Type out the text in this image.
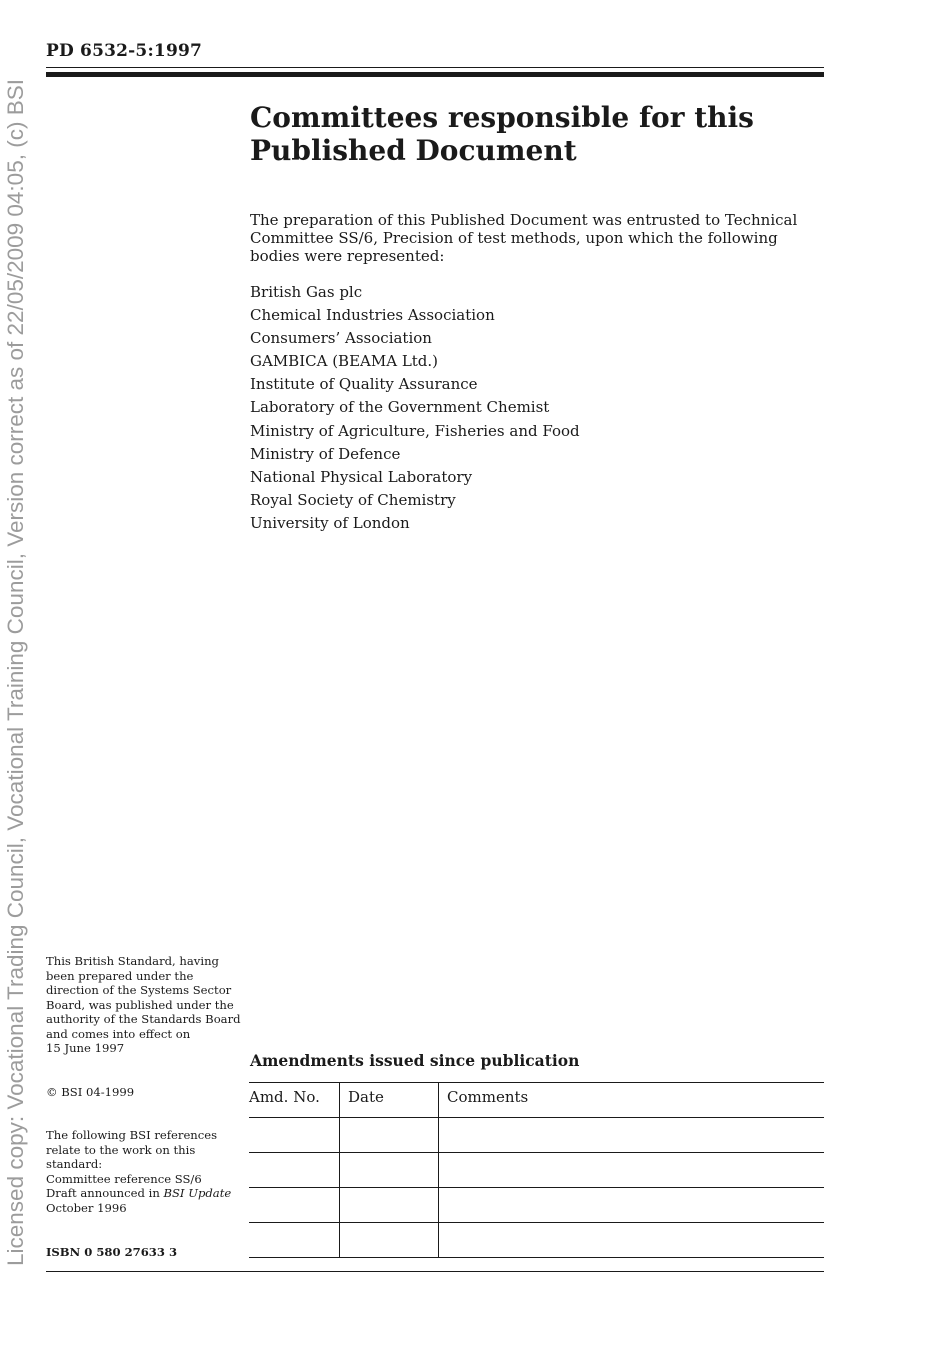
Licensed copy: Vocational Trading Council, Vocational Training Council, Version correct as of 22/05/2009 04:05, (c) BSI
PD 6532-5:1997
Committees responsible for this Published Document

The preparation of this Published Document was entrusted to Technical Committee SS/6, Precision of test methods, upon which the following bodies were represented:

British Gas plc
Chemical Industries Association
Consumers’ Association
GAMBICA (BEAMA Ltd.)
Institute of Quality Assurance
Laboratory of the Government Chemist
Ministry of Agriculture, Fisheries and Food
Ministry of Defence
National Physical Laboratory
Royal Society of Chemistry
University of London

This British Standard, having been prepared under the direction of the Systems Sector Board, was published under the authority of the Standards Board and comes into effect on

15 June 1997

© BSI 04-1999

The following BSI references relate to the work on this standard:

Committee reference SS/6

Draft announced in BSI Update

October 1996

ISBN 0 580 27633 3
Amendments issued since publication
Amd. No.	Date	Comments
